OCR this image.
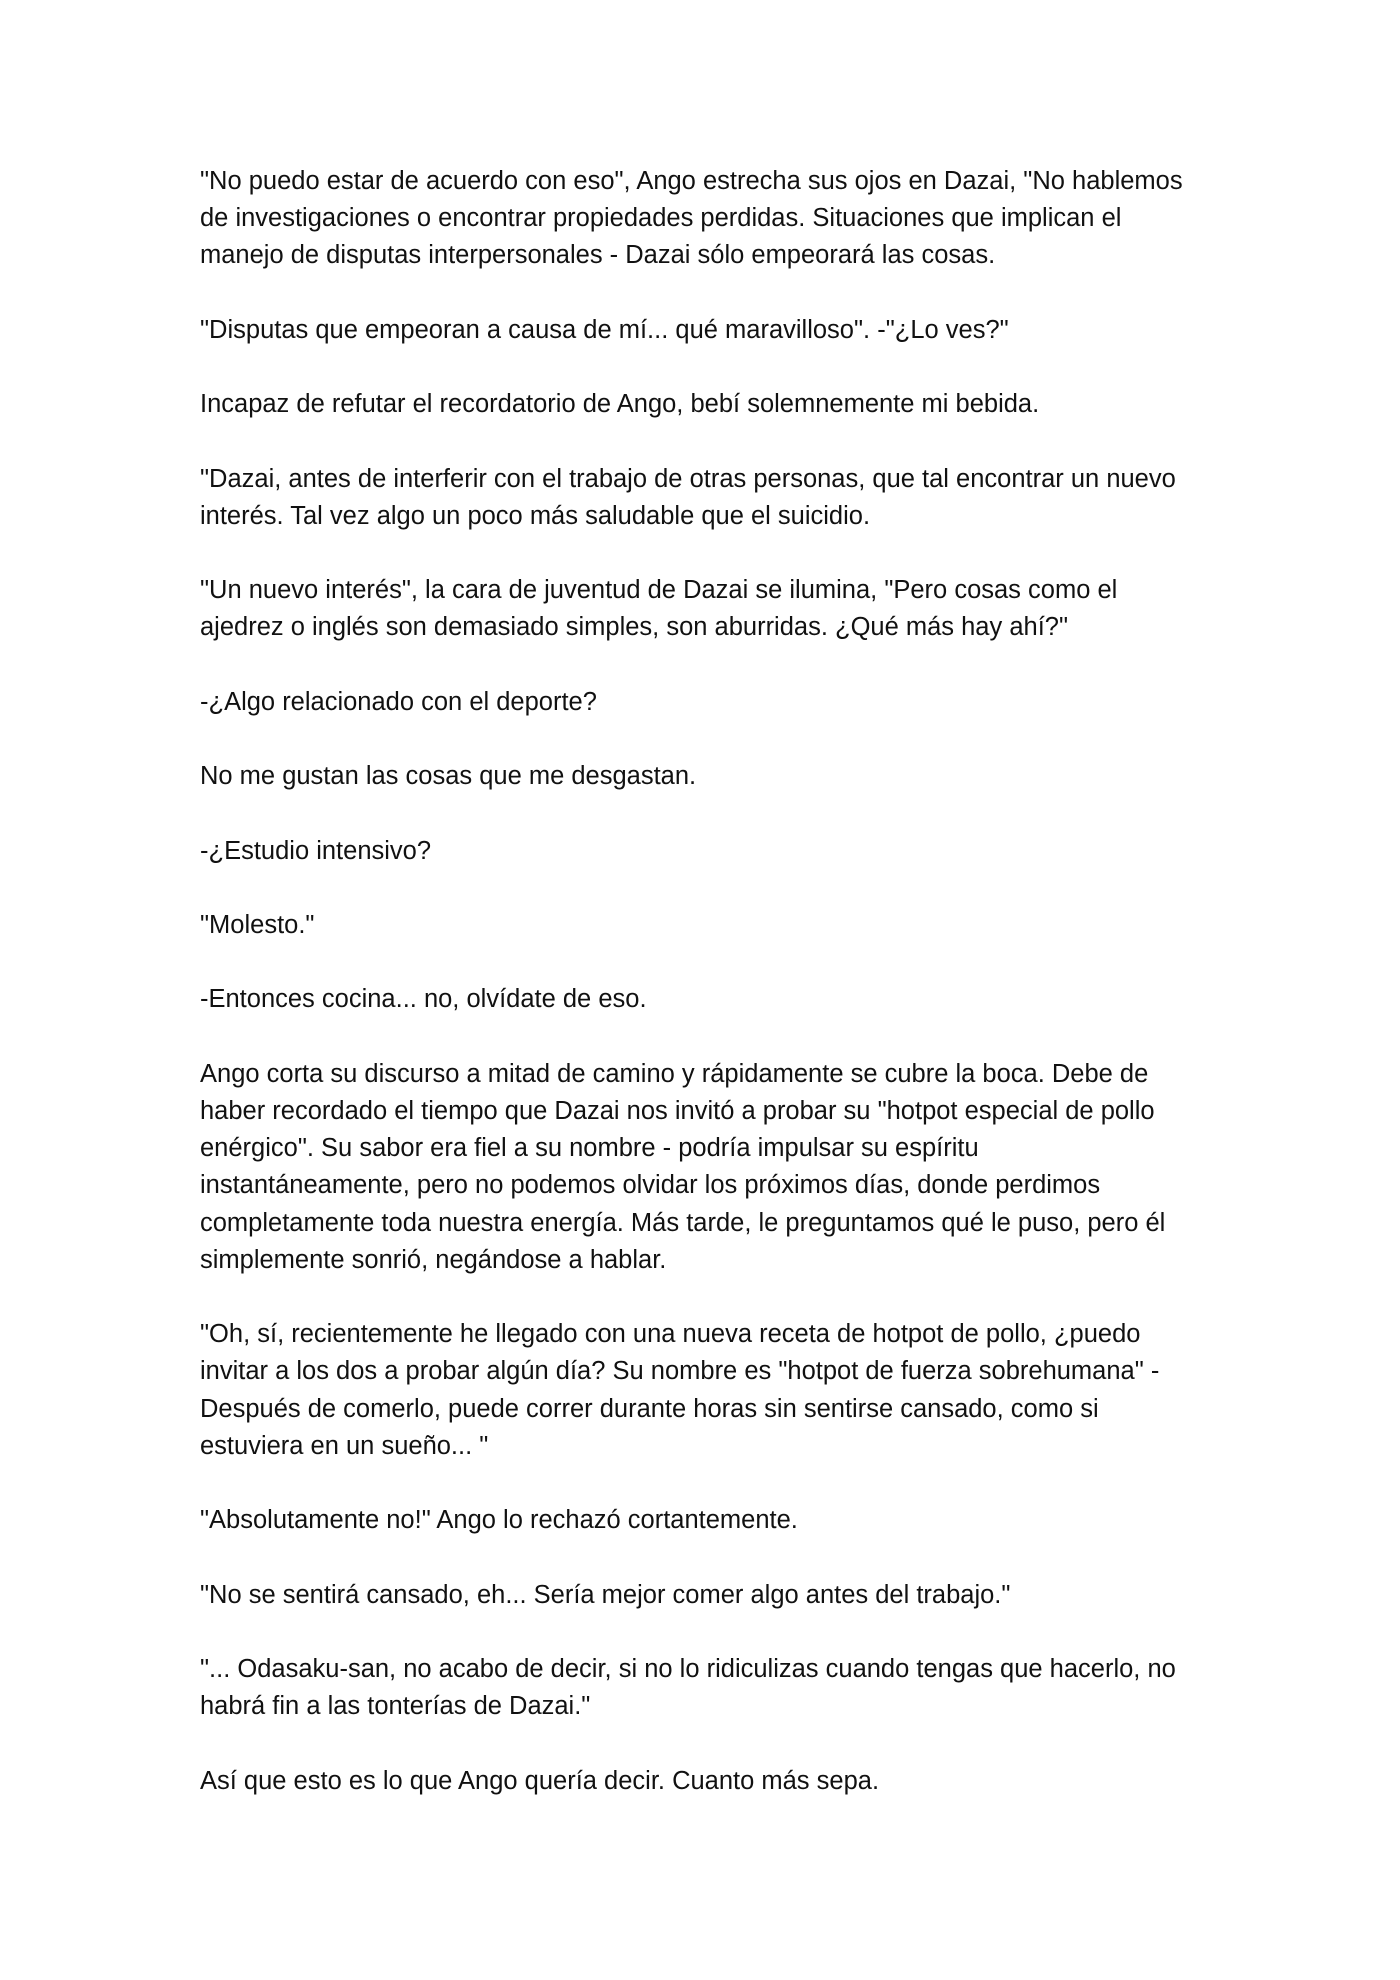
"No puedo estar de acuerdo con eso", Ango estrecha sus ojos en Dazai, "No hablemos
de investigaciones o encontrar propiedades perdidas. Situaciones que implican el
manejo de disputas interpersonales - Dazai sólo empeorará las cosas.

"Disputas que empeoran a causa de mí... qué maravilloso". -"¿Lo ves?"

Incapaz de refutar el recordatorio de Ango, bebí solemnemente mi bebida.

"Dazai, antes de interferir con el trabajo de otras personas, que tal encontrar un nuevo
interés. Tal vez algo un poco más saludable que el suicidio.

"Un nuevo interés", la cara de juventud de Dazai se ilumina, "Pero cosas como el
ajedrez o inglés son demasiado simples, son aburridas. ¿Qué más hay ahí?"

-¿Algo relacionado con el deporte?

No me gustan las cosas que me desgastan.

-¿Estudio intensivo?

"Molesto."

-Entonces cocina... no, olvídate de eso.

Ango corta su discurso a mitad de camino y rápidamente se cubre la boca. Debe de
haber recordado el tiempo que Dazai nos invitó a probar su "hotpot especial de pollo
enérgico". Su sabor era fiel a su nombre - podría impulsar su espíritu
instantáneamente, pero no podemos olvidar los próximos días, donde perdimos
completamente toda nuestra energía. Más tarde, le preguntamos qué le puso, pero él
simplemente sonrió, negándose a hablar.

"Oh, sí, recientemente he llegado con una nueva receta de hotpot de pollo, ¿puedo
invitar a los dos a probar algún día? Su nombre es "hotpot de fuerza sobrehumana" -
Después de comerlo, puede correr durante horas sin sentirse cansado, como si
estuviera en un sueño... "

"Absolutamente no!" Ango lo rechazó cortantemente.

"No se sentirá cansado, eh... Sería mejor comer algo antes del trabajo."

"... Odasaku-san, no acabo de decir, si no lo ridiculizas cuando tengas que hacerlo, no
habrá fin a las tonterías de Dazai."

Así que esto es lo que Ango quería decir. Cuanto más sepa.
